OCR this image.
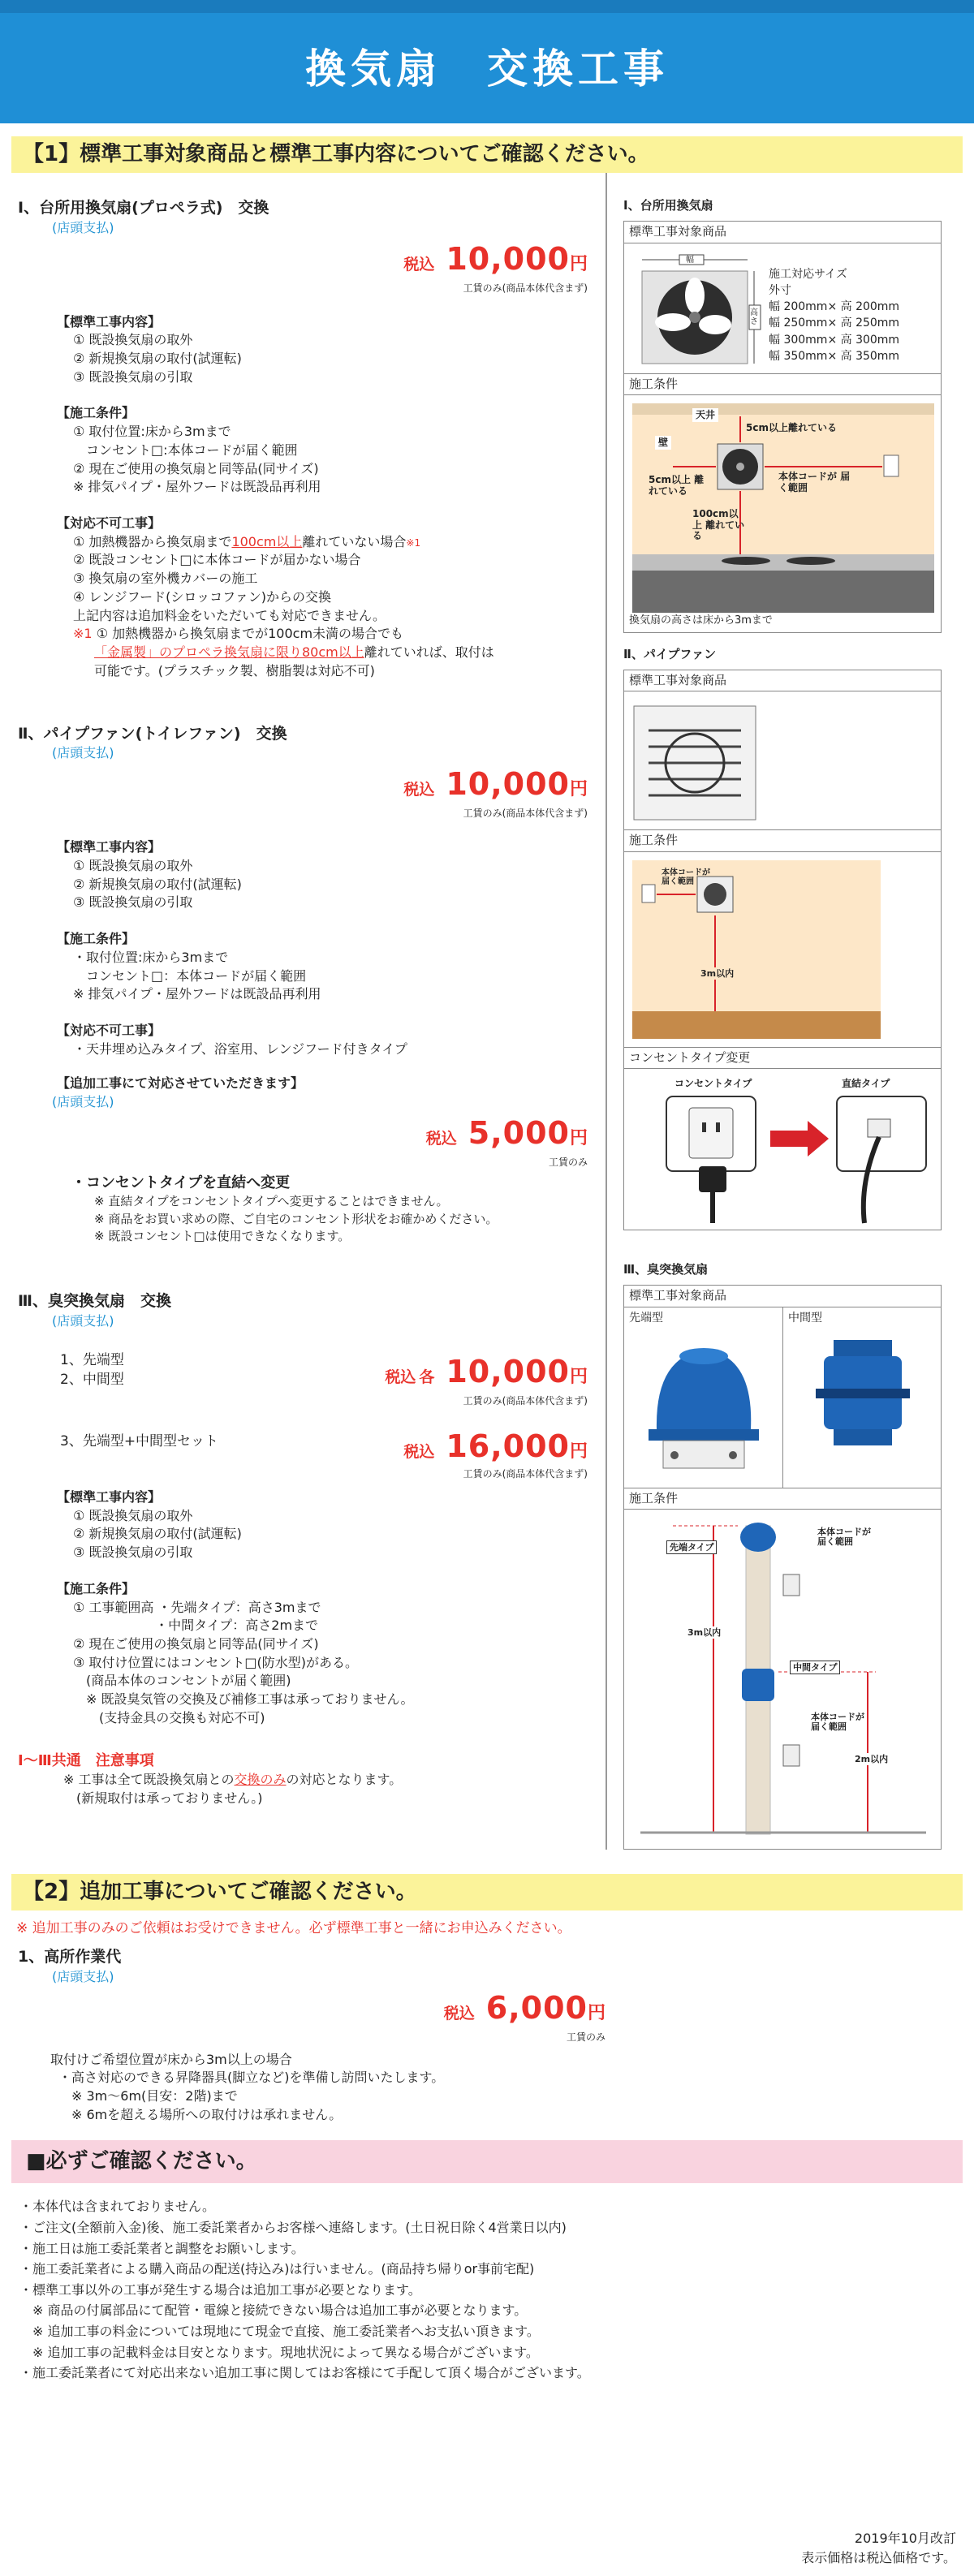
換気扇　交換工事
【1】標準工事対象商品と標準工事内容についてご確認ください。
Ⅰ、台所用換気扇(プロペラ式)　交換
(店頭支払)
税込 10,000 円
工賃のみ(商品本体代含まず)
【標準工事内容】
① 既設換気扇の取外
② 新規換気扇の取付(試運転)
③ 既設換気扇の引取
【施工条件】
① 取付位置:床から3mまで
　コンセント□:本体コードが届く範囲
② 現在ご使用の換気扇と同等品(同サイズ)
※ 排気パイプ・屋外フードは既設品再利用
【対応不可工事】
① 加熱機器から換気扇まで100cm以上離れていない場合※1
② 既設コンセント□に本体コードが届かない場合
③ 換気扇の室外機カバーの施工
④ レンジフード(シロッコファン)からの交換
上記内容は追加料金をいただいても対応できません。
※1 ① 加熱機器から換気扇までが100cm未満の場合でも
「金属製」のプロペラ換気扇に限り80cm以上離れていれば、取付は
可能です。(プラスチック製、樹脂製は対応不可)
Ⅱ、パイプファン(トイレファン)　交換
(店頭支払)
税込 10,000 円
工賃のみ(商品本体代含まず)
【標準工事内容】
① 既設換気扇の取外
② 新規換気扇の取付(試運転)
③ 既設換気扇の引取
【施工条件】
・取付位置:床から3mまで
　コンセント□：本体コードが届く範囲
※ 排気パイプ・屋外フードは既設品再利用
【対応不可工事】
・天井埋め込みタイプ、浴室用、レンジフード付きタイプ
【追加工事にて対応させていただきます】
(店頭支払)
税込 5,000 円
工賃のみ
・コンセントタイプを直結へ変更
※ 直結タイプをコンセントタイプへ変更することはできません。
※ 商品をお買い求めの際、ご自宅のコンセント形状をお確かめください。
※ 既設コンセント□は使用できなくなります。
Ⅲ、臭突換気扇　交換
(店頭支払)
1、先端型
2、中間型	税込 各 10,000 円
工賃のみ(商品本体代含まず)
3、先端型+中間型セット
税込 16,000 円
工賃のみ(商品本体代含まず)
【標準工事内容】
① 既設換気扇の取外
② 新規換気扇の取付(試運転)
③ 既設換気扇の引取
【施工条件】
① 工事範囲高 ・先端タイプ：高さ3mまで
　　　　　　 ・中間タイプ：高さ2mまで
② 現在ご使用の換気扇と同等品(同サイズ)
③ 取付け位置にはコンセント□(防水型)がある。
　(商品本体のコンセントが届く範囲)
　※ 既設臭気管の交換及び補修工事は承っておりません。
　　(支持金具の交換も対応不可)
Ⅰ〜Ⅲ共通　注意事項
※ 工事は全て既設換気扇との交換のみの対応となります。
(新規取付は承っておりません。)
Ⅰ、台所用換気扇
標準工事対象商品
幅
高さ
施工対応サイズ
外寸
幅 200mm× 高 200mm
幅 250mm× 高 250mm
幅 300mm× 高 300mm
幅 350mm× 高 350mm
施工条件
天井
壁
5cm以上離れている
5cm以上 離れている
本体コードが 届く範囲
100cm以上 離れている
換気扇の高さは床から3mまで
Ⅱ、パイプファン
標準工事対象商品
施工条件
本体コードが 届く範囲
3m以内
コンセントタイプ変更
コンセントタイプ	直結タイプ
Ⅲ、臭突換気扇
標準工事対象商品
先端型	中間型
施工条件
先端タイプ
本体コードが 届く範囲
3m以内
中間タイプ
本体コードが 届く範囲
2m以内
【2】追加工事についてご確認ください。
※ 追加工事のみのご依頼はお受けできません。必ず標準工事と一緒にお申込みください。
1、高所作業代
(店頭支払)
税込 6,000 円
工賃のみ
取付けご希望位置が床から3m以上の場合
・高さ対応のできる昇降器具(脚立など)を準備し訪問いたします。
　※ 3m〜6m(目安：2階)まで
　※ 6mを超える場所への取付けは承れません。
■必ずご確認ください。
・本体代は含まれておりません。
・ご注文(全額前入金)後、施工委託業者からお客様へ連絡します。(土日祝日除く4営業日以内)
・施工日は施工委託業者と調整をお願いします。
・施工委託業者による購入商品の配送(持込み)は行いません。(商品持ち帰りor事前宅配)
・標準工事以外の工事が発生する場合は追加工事が必要となります。
　※ 商品の付属部品にて配管・電線と接続できない場合は追加工事が必要となります。
　※ 追加工事の料金については現地にて現金で直接、施工委託業者へお支払い頂きます。
　※ 追加工事の記載料金は目安となります。現地状況によって異なる場合がございます。
・施工委託業者にて対応出来ない追加工事に関してはお客様にて手配して頂く場合がございます。
2019年10月改訂
表示価格は税込価格です。
